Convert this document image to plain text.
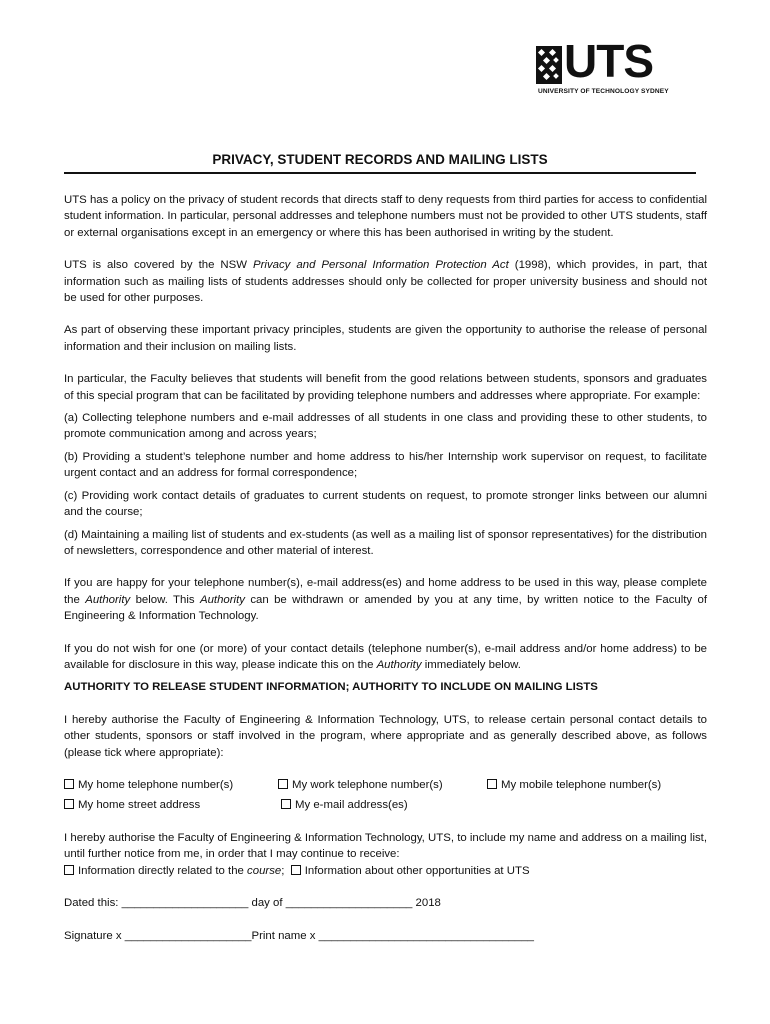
UTS
UNIVERSITY OF TECHNOLOGY SYDNEY
PRIVACY, STUDENT RECORDS AND MAILING LISTS

UTS has a policy on the privacy of student records that directs staff to deny requests from third parties for access to confidential student information. In particular, personal addresses and telephone numbers must not be provided to other UTS students, staff or external organisations except in an emergency or where this has been authorised in writing by the student.

UTS is also covered by the NSW Privacy and Personal Information Protection Act (1998), which provides, in part, that information such as mailing lists of students addresses should only be collected for proper university business and should not be used for other purposes.

As part of observing these important privacy principles, students are given the opportunity to authorise the release of personal information and their inclusion on mailing lists.

In particular, the Faculty believes that students will benefit from the good relations between students, sponsors and graduates of this special program that can be facilitated by providing telephone numbers and addresses where appropriate. For example:

(a) Collecting telephone numbers and e-mail addresses of all students in one class and providing these to other students, to promote communication among and across years;

(b) Providing a student’s telephone number and home address to his/her Internship work supervisor on request, to facilitate urgent contact and an address for formal correspondence;

(c) Providing work contact details of graduates to current students on request, to promote stronger links between our alumni and the course;

(d) Maintaining a mailing list of students and ex-students (as well as a mailing list of sponsor representatives) for the distribution of newsletters, correspondence and other material of interest.

If you are happy for your telephone number(s), e-mail address(es) and home address to be used in this way, please complete the Authority below. This Authority can be withdrawn or amended by you at any time, by written notice to the Faculty of Engineering & Information Technology.

If you do not wish for one (or more) of your contact details (telephone number(s), e-mail address and/or home address) to be available for disclosure in this way, please indicate this on the Authority immediately below.

AUTHORITY TO RELEASE STUDENT INFORMATION; AUTHORITY TO INCLUDE ON MAILING LISTS

I hereby authorise the Faculty of Engineering & Information Technology, UTS, to release certain personal contact details to other students, sponsors or staff involved in the program, where appropriate and as generally described above, as follows (please tick where appropriate):

My home telephone number(s)	My work telephone number(s)	My mobile telephone number(s)

My home street address	My e-mail address(es)

I hereby authorise the Faculty of Engineering & Information Technology, UTS, to include my name and address on a mailing list, until further notice from me, in order that I may continue to receive:

Information directly related to the course; Information about other opportunities at UTS

Dated this: ____________________ day of ____________________ 2018

Signature x ____________________Print name x __________________________________
